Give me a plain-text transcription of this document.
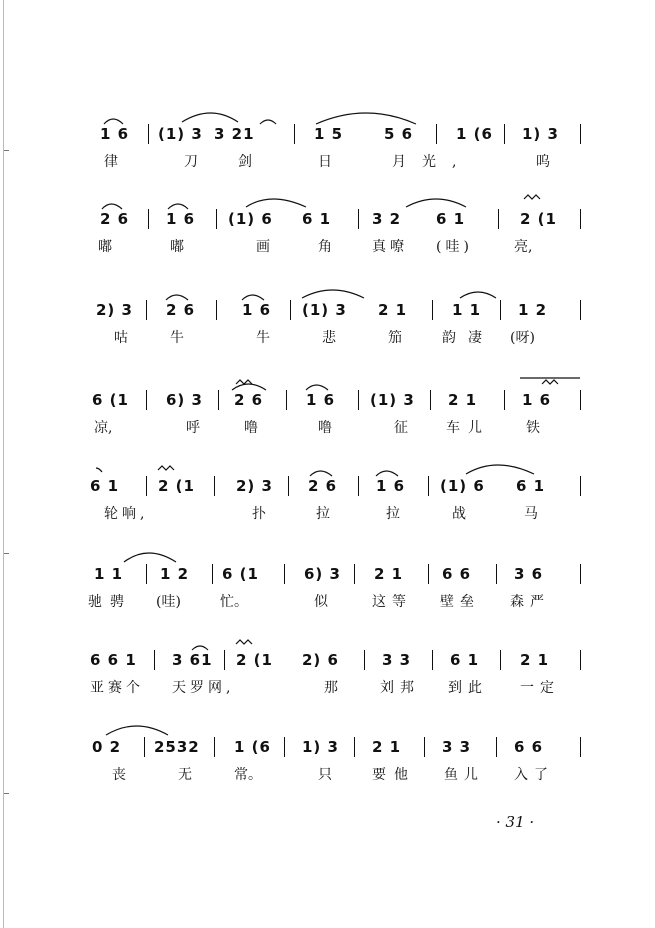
1 6 (1) 3 3 21	1 5	5 6	1 (6 1) 3
律	刀剑 日	月光,	呜
2 6 1 6 (1) 6 6 1	3 2 6 1	2 (1
嘟	嘟	画 角 真嘹 (哇)	亮,
2) 3 2 6	1 6 (1) 3 2 1	1 1 1 2
咕 牛	牛	悲	笳 韵凄 (呀)
6 (1 6) 3 2 6	1 6 (1) 3 2 1	1 6
凉,	呼 噜	噜	征 车儿	铁
6 1	2 (1	2) 3 2 6	1 6 (1) 6 6 1
轮响,	扑	拉	拉	战	马
1 1 1 2 6 (1	6) 3 2 1	6 6	3 6
驰骋 (哇)	忙。	似 这等 壁垒 森严
6 6 1 3 61 2 (1 2) 6	3 3	6 1	2 1
亚赛个 天罗网,	那 刘邦 到此 一定
0 2 2532 1 (6 1) 3 2 1	3 3	6 6
丧	无 常。	只 要他 鱼儿 入了
· 31 ·
